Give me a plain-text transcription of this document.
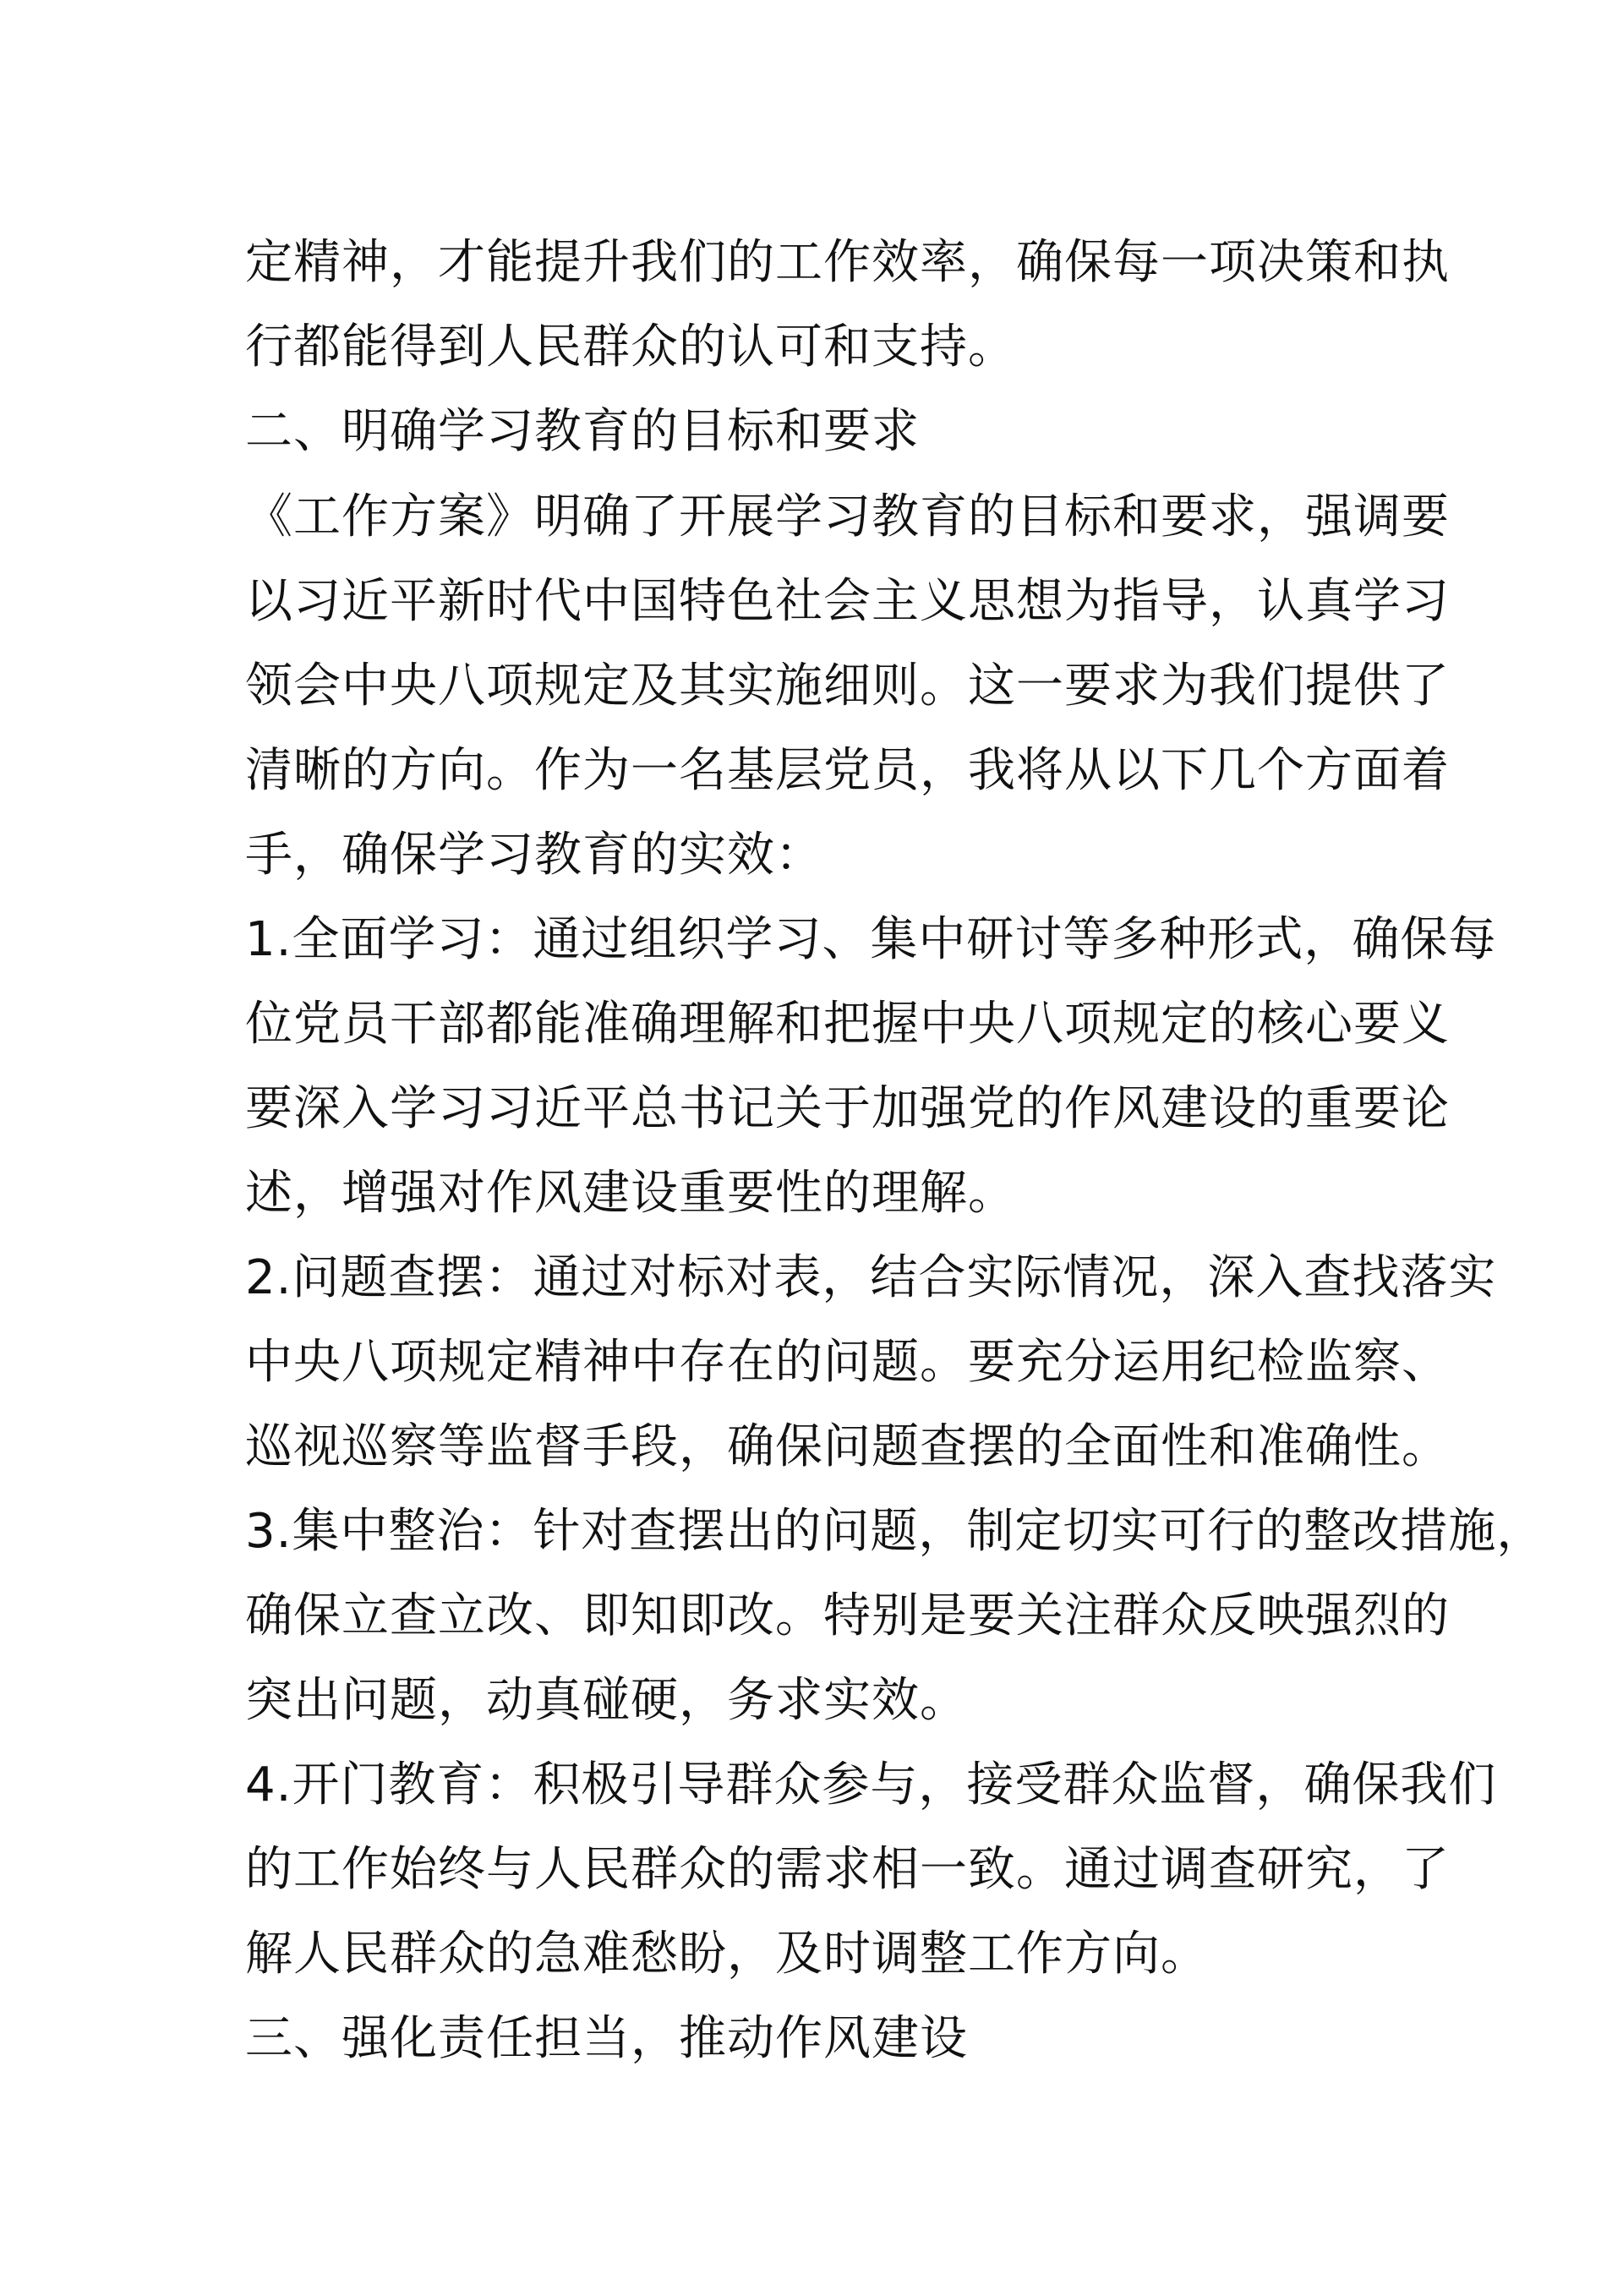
定精神，才能提升我们的工作效率，确保每一项决策和执
行都能得到人民群众的认可和支持。
二、明确学习教育的目标和要求
《工作方案》明确了开展学习教育的目标和要求，强调要
以习近平新时代中国特色社会主义思想为指导，认真学习
领会中央八项规定及其实施细则。这一要求为我们提供了
清晰的方向。作为一名基层党员，我将从以下几个方面着
手，确保学习教育的实效：
1.全面学习：通过组织学习、集中研讨等多种形式，确保每
位党员干部都能准确理解和把握中央八项规定的核心要义
要深入学习习近平总书记关于加强党的作风建设的重要论
述，增强对作风建设重要性的理解。
2.问题查摆：通过对标对表，结合实际情况，深入查找落实
中央八项规定精神中存在的问题。要充分运用纪检监察、
巡视巡察等监督手段，确保问题查摆的全面性和准确性。
3.集中整治：针对查摆出的问题，制定切实可行的整改措施，
确保立查立改、即知即改。特别是要关注群众反映强烈的
突出问题，动真碰硬，务求实效。
4.开门教育：积极引导群众参与，接受群众监督，确保我们
的工作始终与人民群众的需求相一致。通过调查研究，了
解人民群众的急难愁盼，及时调整工作方向。
三、强化责任担当，推动作风建设
